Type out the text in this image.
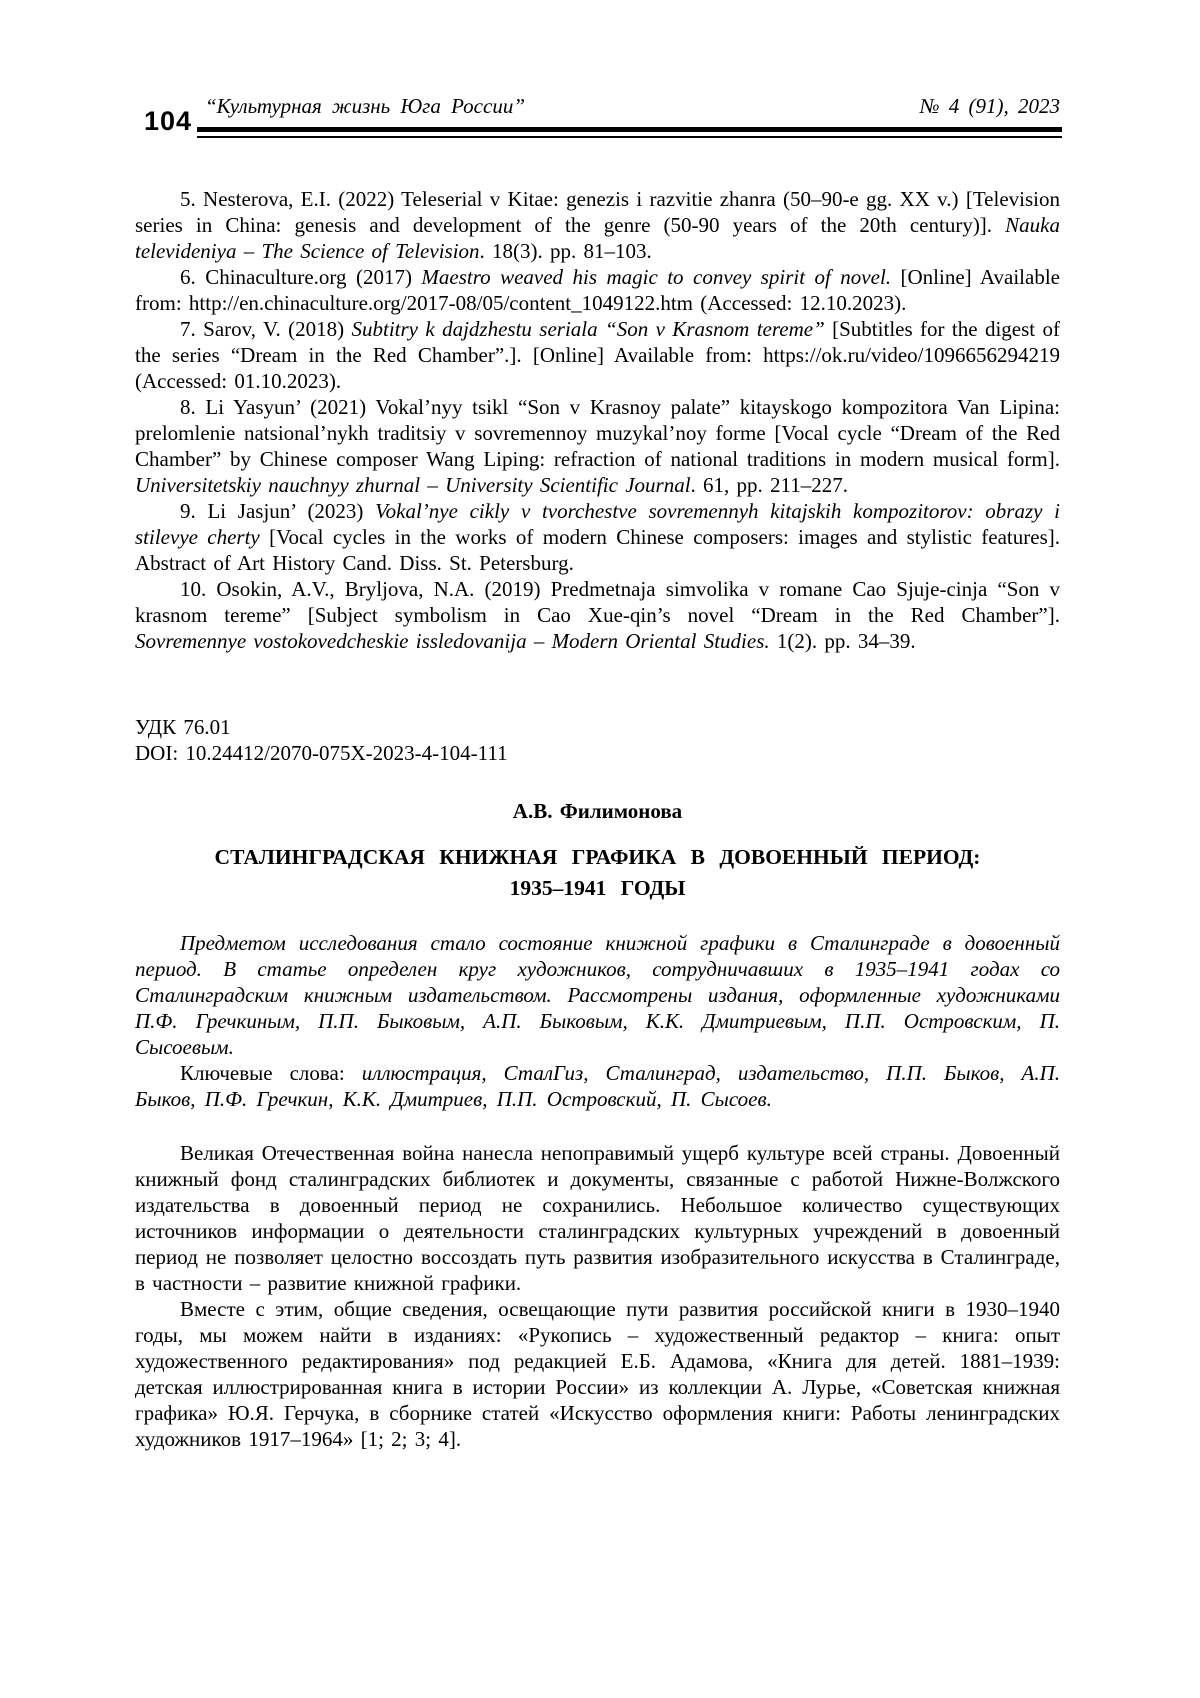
“Культурная жизнь Юга России”	№ 4 (91), 2023
104

5. Nesterova, E.I. (2022) Teleserial v Kitae: genezis i razvitie zhanra (50–90-e gg. XX v.) [Television series in China: genesis and development of the genre (50-90 years of the 20th century)]. Nauka televideniya – The Science of Television. 18(3). pp. 81–103.

6. Chinaculture.org (2017) Maestro weaved his magic to convey spirit of novel. [Online] Available from: http://en.chinaculture.org/2017-08/05/content_1049122.htm (Accessed: 12.10.2023).

7. Sarov, V. (2018) Subtitry k dajdzhestu seriala “Son v Krasnom tereme” [Subtitles for the digest of the series “Dream in the Red Chamber”.]. [Online] Available from: https://ok.ru/video/1096656294219 (Accessed: 01.10.2023).

8. Li Yasyun’ (2021) Vokal’nyy tsikl “Son v Krasnoy palate” kitayskogo kompozitora Van Lipina: prelomlenie natsional’nykh traditsiy v sovremennoy muzykal’noy forme [Vocal cycle “Dream of the Red Chamber” by Chinese composer Wang Liping: refraction of national traditions in modern musical form]. Universitetskiy nauchnyy zhurnal – University Scientific Journal. 61, pp. 211–227.

9. Li Jasjun’ (2023) Vokal’nye cikly v tvorchestve sovremennyh kitajskih kompozitorov: obrazy i stilevye cherty [Vocal cycles in the works of modern Chinese composers: images and stylistic features]. Abstract of Art History Cand. Diss. St. Petersburg.

10. Osokin, A.V., Bryljova, N.A. (2019) Predmetnaja simvolika v romane Cao Sjuje-cinja “Son v krasnom tereme” [Subject symbolism in Cao Xue-qin’s novel “Dream in the Red Chamber”]. Sovremennye vostokovedcheskie issledovanija – Modern Oriental Studies. 1(2). pp. 34–39.

УДК 76.01

DOI: 10.24412/2070-075X-2023-4-104-111

А.В. Филимонова

СТАЛИНГРАДСКАЯ КНИЖНАЯ ГРАФИКА В ДОВОЕННЫЙ ПЕРИОД:
1935–1941 ГОДЫ

Предметом исследования стало состояние книжной графики в Сталинграде в довоенный период. В статье определен круг художников, сотрудничавших в 1935–1941 годах со Сталинградским книжным издательством. Рассмотрены издания, оформленные художниками П.Ф. Гречкиным, П.П. Быковым, А.П. Быковым, К.К. Дмитриевым, П.П. Островским, П. Сысоевым.

Ключевые слова: иллюстрация, СталГиз, Сталинград, издательство, П.П. Быков, А.П. Быков, П.Ф. Гречкин, К.К. Дмитриев, П.П. Островский, П. Сысоев.

Великая Отечественная война нанесла непоправимый ущерб культуре всей страны. Довоенный книжный фонд сталинградских библиотек и документы, связанные с работой Нижне-Волжского издательства в довоенный период не сохранились. Небольшое количество существующих источников информации о деятельности сталинградских культурных учреждений в довоенный период не позволяет целостно воссоздать путь развития изобразительного искусства в Сталинграде, в частности – развитие книжной графики.

Вместе с этим, общие сведения, освещающие пути развития российской книги в 1930–1940 годы, мы можем найти в изданиях: «Рукопись – художественный редактор – книга: опыт художественного редактирования» под редакцией Е.Б. Адамова, «Книга для детей. 1881–1939: детская иллюстрированная книга в истории России» из коллекции А. Лурье, «Советская книжная графика» Ю.Я. Герчука, в сборнике статей «Искусство оформления книги: Работы ленинградских художников 1917–1964» [1; 2; 3; 4].
